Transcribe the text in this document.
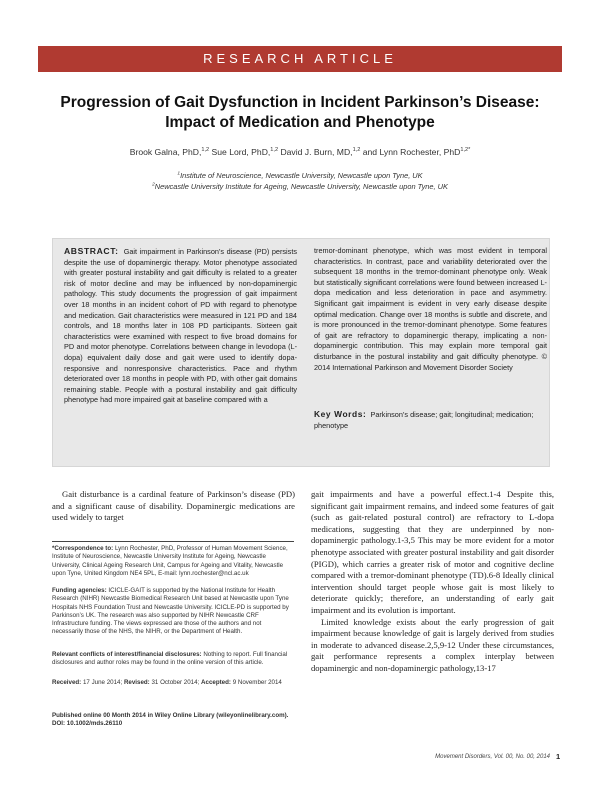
RESEARCH ARTICLE
Progression of Gait Dysfunction in Incident Parkinson’s Disease:
Impact of Medication and Phenotype
Brook Galna, PhD,$^{1,2}$ Sue Lord, PhD,$^{1,2}$ David J. Burn, MD,$^{1,2}$ and Lynn Rochester, PhD$^{1,2*}$
$^1$Institute of Neuroscience, Newcastle University, Newcastle upon Tyne, UK
$^2$Newcastle University Institute for Ageing, Newcastle University, Newcastle upon Tyne, UK
ABSTRACT: Gait impairment in Parkinson’s disease (PD) persists despite the use of dopaminergic therapy. Motor phenotype associated with greater postural instability and gait difficulty is related to a greater risk of motor decline and may be influenced by non-dopaminergic pathology. This study documents the progression of gait impairment over 18 months in an incident cohort of PD with regard to phenotype and medication. Gait characteristics were measured in 121 PD and 184 controls, and 18 months later in 108 PD participants. Sixteen gait characteristics were examined with respect to five broad domains for PD and motor phenotype. Correlations between change in levodopa (L-dopa) equivalent daily dose and gait were used to identify dopa-responsive and nonresponsive characteristics. Pace and rhythm deteriorated over 18 months in people with PD, with other gait domains remaining stable. People with a postural instability and gait difficulty phenotype had more impaired gait at baseline compared with a
tremor-dominant phenotype, which was most evident in temporal characteristics. In contrast, pace and variability deteriorated over the subsequent 18 months in the tremor-dominant phenotype only. Weak but statistically significant correlations were found between increased L-dopa medication and less deterioration in pace and asymmetry. Significant gait impairment is evident in very early disease despite optimal medication. Change over 18 months is subtle and discrete, and is more pronounced in the tremor-dominant phenotype. Some features of gait are refractory to dopaminergic therapy, implicating a non-dopaminergic contribution. This may explain more temporal gait disturbance in the postural instability and gait difficulty phenotype. © 2014 International Parkinson and Movement Disorder Society
Key Words: Parkinson’s disease; gait; longitudinal; medication; phenotype
Gait disturbance is a cardinal feature of Parkinson’s disease (PD) and a significant cause of disability. Dopaminergic medications are used widely to target
*Correspondence to: Lynn Rochester, PhD, Professor of Human Movement Science, Institute of Neuroscience, Newcastle University Institute for Ageing, Newcastle University, Clinical Ageing Research Unit, Campus for Ageing and Vitality, Newcastle upon Tyne, United Kingdom NE4 5PL, E-mail: lynn.rochester@ncl.ac.uk
Funding agencies: ICICLE-GAIT is supported by the National Institute for Health Research (NIHR) Newcastle Biomedical Research Unit based at Newcastle upon Tyne Hospitals NHS Foundation Trust and Newcastle University. ICICLE-PD is supported by Parkinson’s UK. The research was also supported by NIHR Newcastle CRF Infrastructure funding. The views expressed are those of the authors and not necessarily those of the NHS, the NIHR, or the Department of Health.
Relevant conflicts of interest/financial disclosures: Nothing to report. Full financial disclosures and author roles may be found in the online version of this article.
Received: 17 June 2014; Revised: 31 October 2014; Accepted: 9 November 2014
Published online 00 Month 2014 in Wiley Online Library (wileyonlinelibrary.com). DOI: 10.1002/mds.26110

gait impairments and have a powerful effect.1-4 Despite this, significant gait impairment remains, and indeed some features of gait (such as gait-related postural control) are refractory to L-dopa medications, suggesting that they are underpinned by non-dopaminergic pathology.1-3,5 This may be more evident for a motor phenotype associated with greater postural instability and gait disorder (PIGD), which carries a greater risk of motor and cognitive decline compared with a tremor-dominant phenotype (TD).6-8 Ideally clinical intervention should target people whose gait is most likely to deteriorate quickly; therefore, an understanding of early gait impairment and its evolution is important.

Limited knowledge exists about the early progression of gait impairment because knowledge of gait is largely derived from studies in moderate to advanced disease.2,5,9-12 Under these circumstances, gait performance represents a complex interplay between dopaminergic and non-dopaminergic pathology,13-17

Movement Disorders, Vol. 00, No. 00, 2014 1
